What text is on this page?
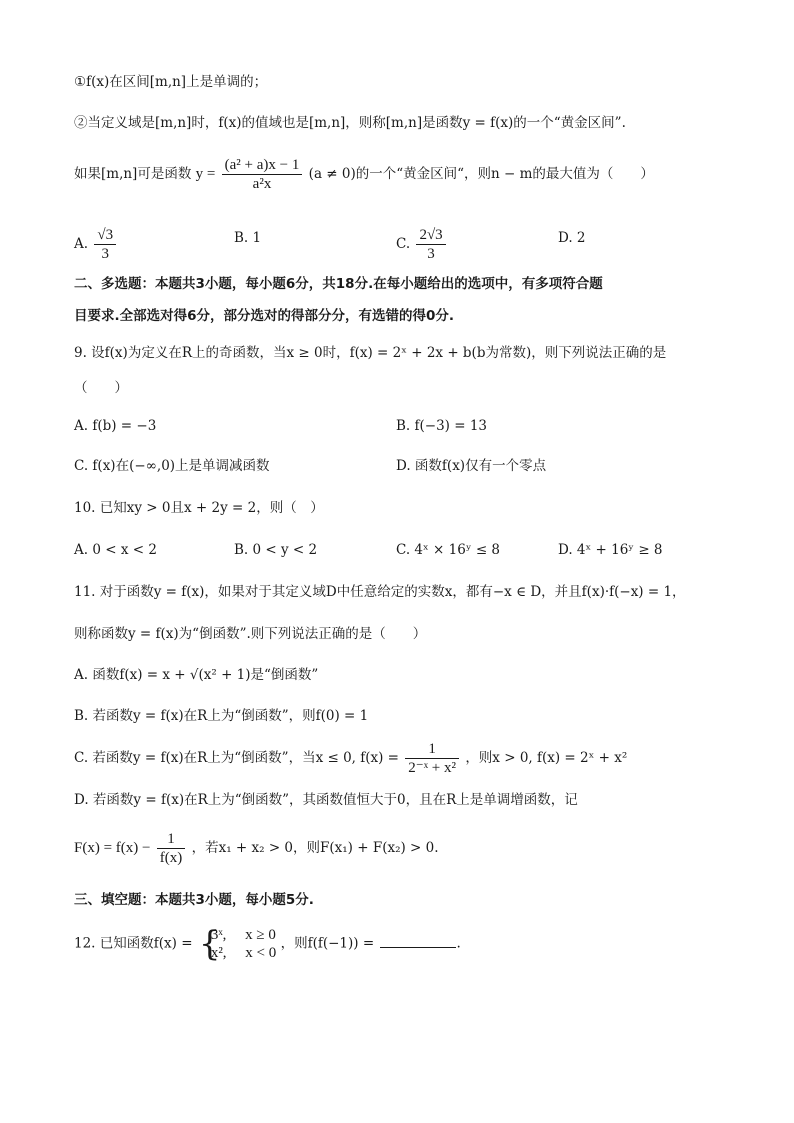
①f(x)在区间[m,n]上是单调的；
②当定义域是[m,n]时，f(x)的值域也是[m,n]，则称[m,n]是函数y = f(x)的一个“黄金区间”.
如果[m,n]可是函数 $y = \frac{\text{(a² + a)x − 1}}{\text{a²x}} (a \ne 0)$的一个“黄金区间“，则n − m的最大值为（　　）
A. $\frac{√3}{3}$	B. 1	C. $\frac{2√3}{3}$	D. 2
二、多选题：本题共3小题，每小题6分，共18分.在每小题给出的选项中，有多项符合题
目要求.全部选对得6分，部分选对的得部分分，有选错的得0分.
9. 设f(x)为定义在R上的奇函数，当x ≥ 0时，f(x) = 2ˣ + 2x + b(b为常数)，则下列说法正确的是
（　　）
A. f(b) = −3	B. f(−3) = 13
C. f(x)在(−∞,0)上是单调减函数	D. 函数f(x)仅有一个零点
10. 已知xy > 0且x + 2y = 2，则（　）
A. 0 < x < 2	B. 0 < y < 2	C. 4ˣ × 16ʸ ≤ 8	D. 4ˣ + 16ʸ ≥ 8
11. 对于函数y = f(x)，如果对于其定义域D中任意给定的实数x，都有−x ∈ D，并且f(x)·f(−x) = 1，
则称函数y = f(x)为“倒函数”.则下列说法正确的是（　　）
A. 函数f(x) = x + √(x² + 1)是“倒函数”
B. 若函数y = f(x)在R上为“倒函数”，则f(0) = 1
C. 若函数y = f(x)在R上为“倒函数”，当x ≤ 0, $f(x) = \frac{1}{\text{2⁻ˣ + x²}}$ ，则x > 0, f(x) = 2ˣ + x²
D. 若函数y = f(x)在R上为“倒函数”，其函数值恒大于0，且在R上是单调增函数，记
$F(x) = f(x) - \frac{1}{f(x)}$ ，若x₁ + x₂ > 0，则F(x₁) + F(x₂) > 0.
三、填空题：本题共3小题，每小题5分.
12. 已知函数f(x) = {
3ˣ,　 x ≥ 0
x²,　 x < 0
，则f(f(−1)) =	.
